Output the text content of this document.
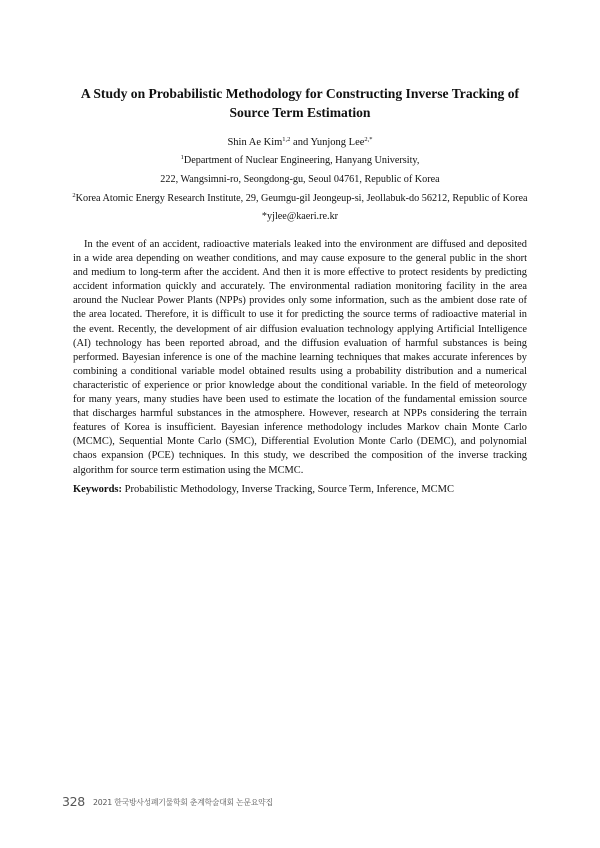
A Study on Probabilistic Methodology for Constructing Inverse Tracking of Source Term Estimation
Shin Ae Kim$^{1,2}$ and Yunjong Lee$^{2,*}$
$^1$Department of Nuclear Engineering, Hanyang University,
222, Wangsimni-ro, Seongdong-gu, Seoul 04761, Republic of Korea
$^2$Korea Atomic Energy Research Institute, 29, Geumgu-gil Jeongeup-si, Jeollabuk-do 56212, Republic of Korea
*yjlee@kaeri.re.kr

In the event of an accident, radioactive materials leaked into the environment are diffused and deposited in a wide area depending on weather conditions, and may cause exposure to the general public in the short and medium to long-term after the accident. And then it is more effective to protect residents by predicting accident information quickly and accurately. The environmental radiation monitoring facility in the area around the Nuclear Power Plants (NPPs) provides only some information, such as the ambient dose rate of the area located. Therefore, it is difficult to use it for predicting the source terms of radioactive material in the event. Recently, the development of air diffusion evaluation technology applying Artificial Intelligence (AI) technology has been reported abroad, and the diffusion evaluation of harmful substances is being performed. Bayesian inference is one of the machine learning techniques that makes accurate inferences by combining a conditional variable model obtained results using a probability distribution and a numerical characteristic of experience or prior knowledge about the conditional variable. In the field of meteorology for many years, many studies have been used to estimate the location of the fundamental emission source that discharges harmful substances in the atmosphere. However, research at NPPs considering the terrain features of Korea is insufficient. Bayesian inference methodology includes Markov chain Monte Carlo (MCMC), Sequential Monte Carlo (SMC), Differential Evolution Monte Carlo (DEMC), and polynomial chaos expansion (PCE) techniques. In this study, we described the composition of the inverse tracking algorithm for source term estimation using the MCMC.

Keywords: Probabilistic Methodology, Inverse Tracking, Source Term, Inference, MCMC
328 2021 한국방사성폐기물학회 춘계학술대회 논문요약집
